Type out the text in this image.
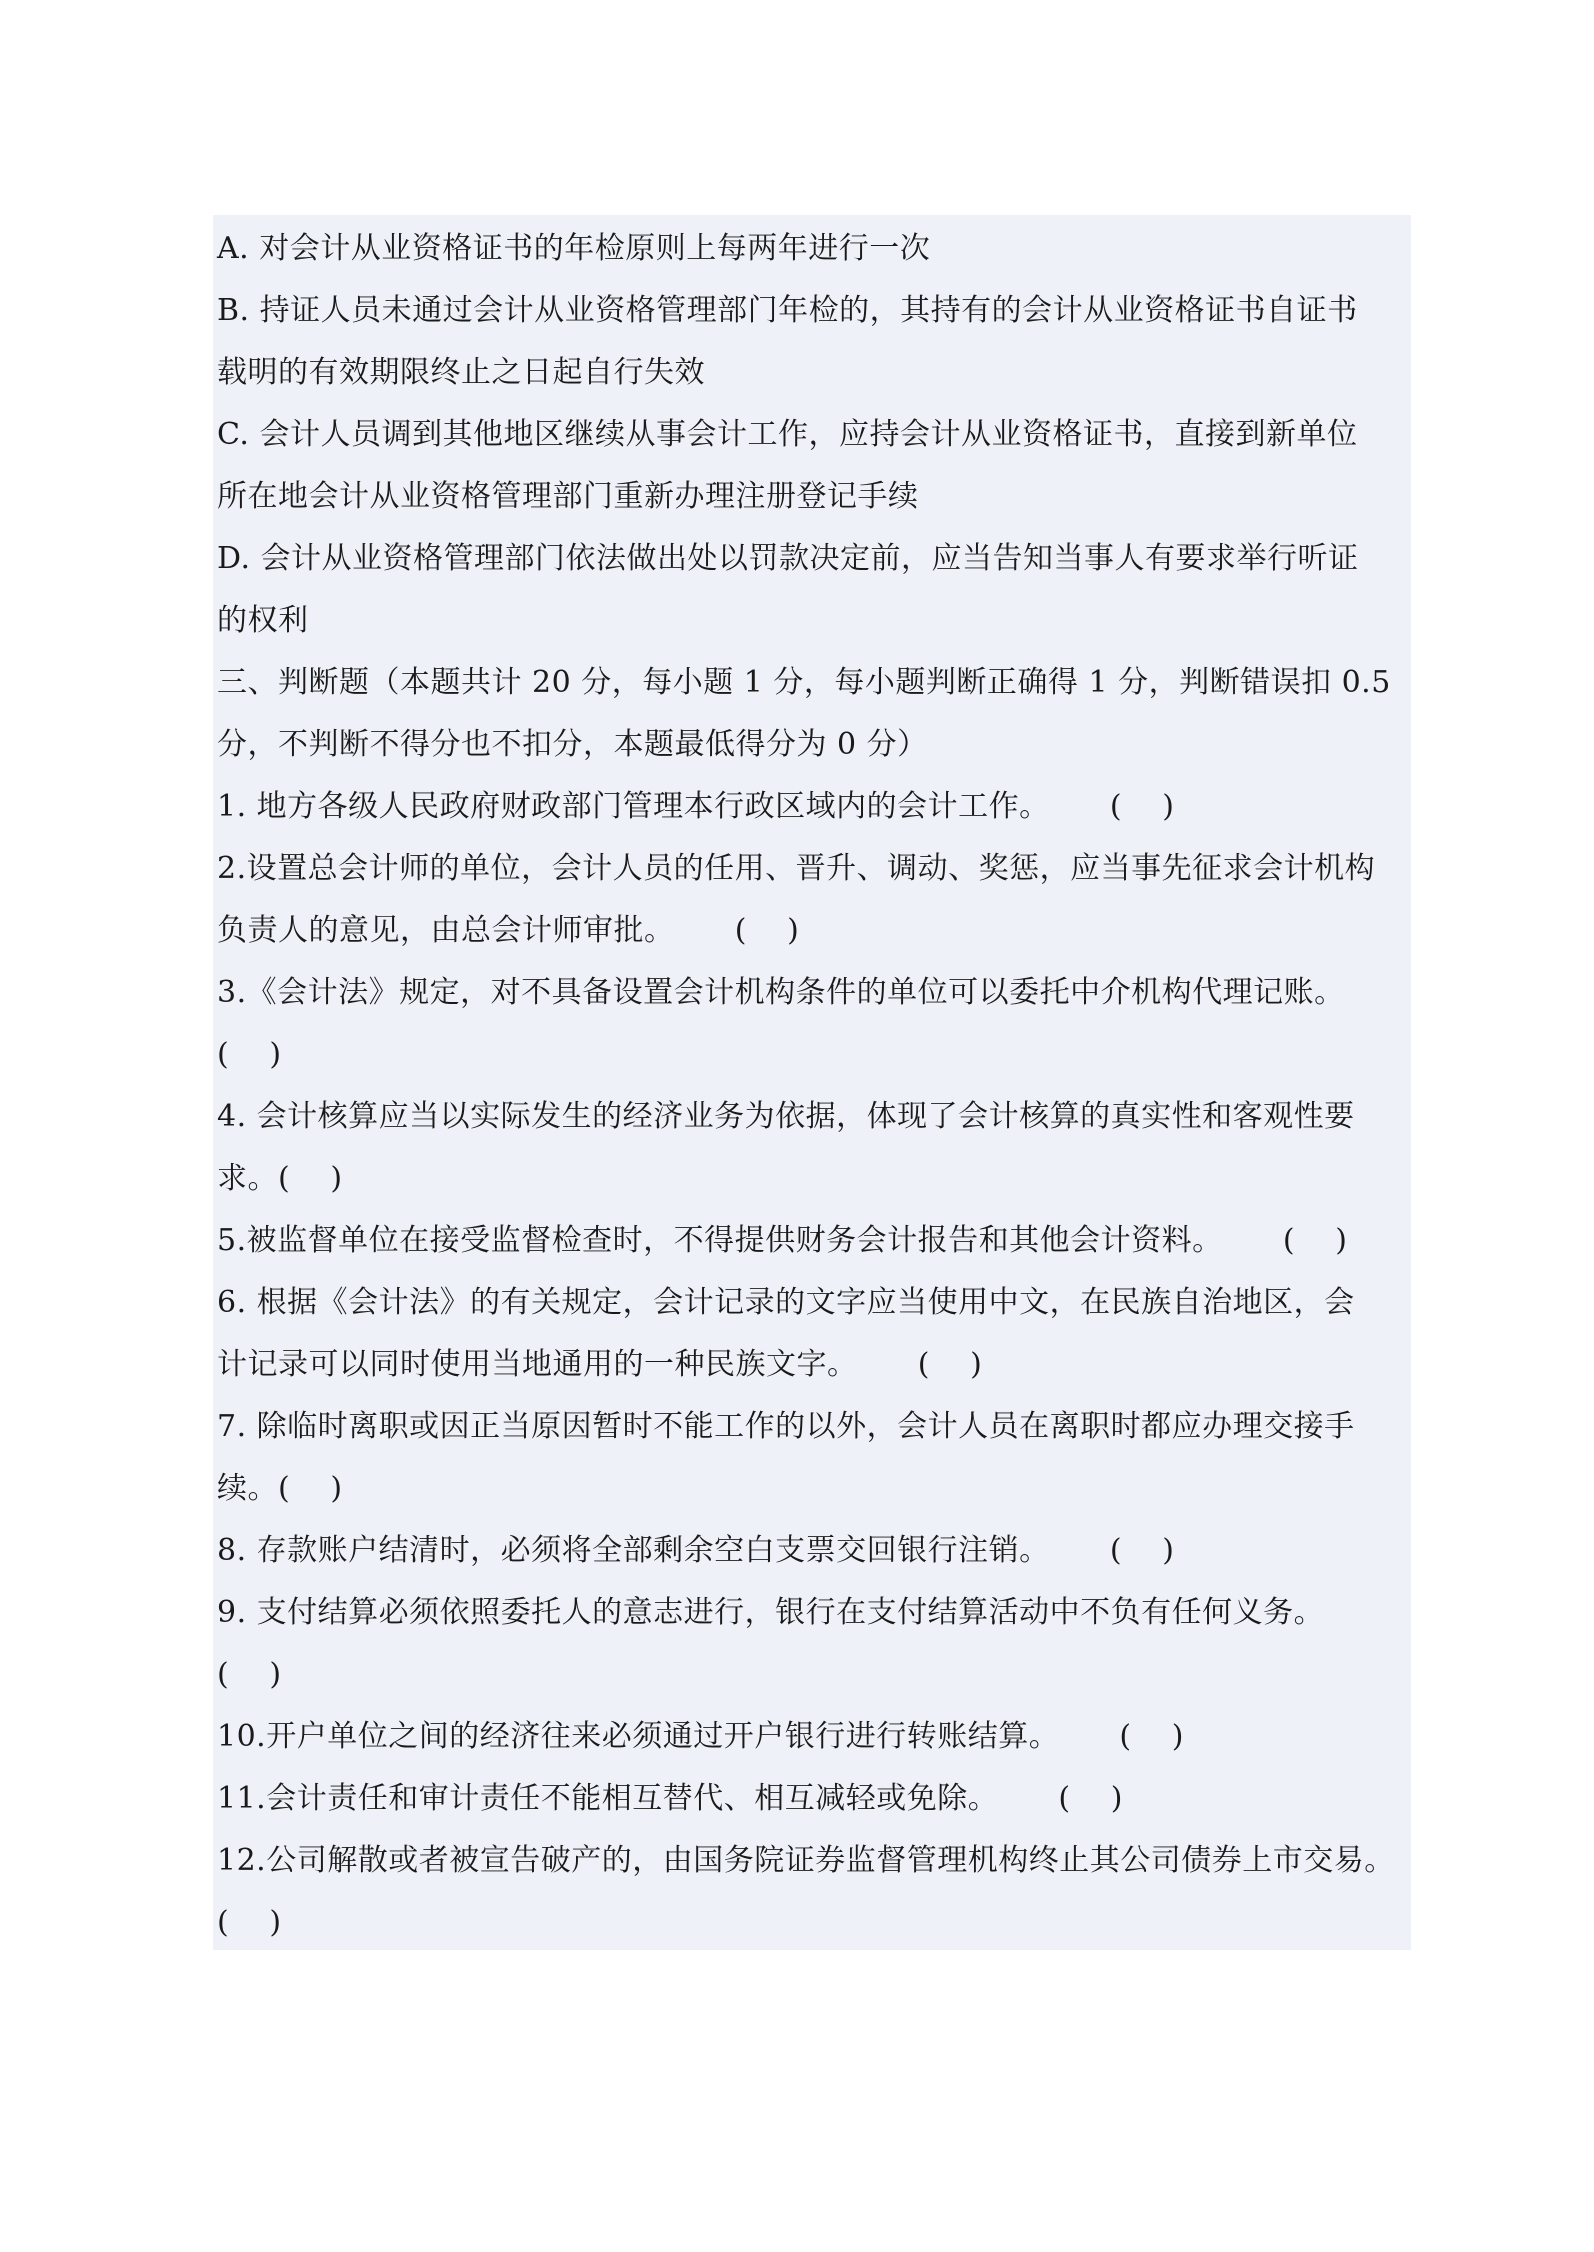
A. 对会计从业资格证书的年检原则上每两年进行一次
B. 持证人员未通过会计从业资格管理部门年检的，其持有的会计从业资格证书自证书
载明的有效期限终止之日起自行失效
C. 会计人员调到其他地区继续从事会计工作，应持会计从业资格证书，直接到新单位
所在地会计从业资格管理部门重新办理注册登记手续
D. 会计从业资格管理部门依法做出处以罚款决定前，应当告知当事人有要求举行听证
的权利
三、判断题（本题共计 20 分，每小题 1 分，每小题判断正确得 1 分，判断错误扣 0.5
分，不判断不得分也不扣分，本题最低得分为 0 分）
1. 地方各级人民政府财政部门管理本行政区域内的会计工作。      (    )
2.设置总会计师的单位，会计人员的任用、晋升、调动、奖惩，应当事先征求会计机构
负责人的意见，由总会计师审批。      (    )
3.《会计法》规定，对不具备设置会计机构条件的单位可以委托中介机构代理记账。
(    )
4. 会计核算应当以实际发生的经济业务为依据，体现了会计核算的真实性和客观性要
求。(    )
5.被监督单位在接受监督检查时，不得提供财务会计报告和其他会计资料。      (    )
6. 根据《会计法》的有关规定，会计记录的文字应当使用中文，在民族自治地区，会
计记录可以同时使用当地通用的一种民族文字。      (    )
7. 除临时离职或因正当原因暂时不能工作的以外，会计人员在离职时都应办理交接手
续。(    )
8. 存款账户结清时，必须将全部剩余空白支票交回银行注销。      (    )
9. 支付结算必须依照委托人的意志进行，银行在支付结算活动中不负有任何义务。
(    )
10.开户单位之间的经济往来必须通过开户银行进行转账结算。      (    )
11.会计责任和审计责任不能相互替代、相互减轻或免除。      (    )
12.公司解散或者被宣告破产的，由国务院证券监督管理机构终止其公司债券上市交易。
(    )
